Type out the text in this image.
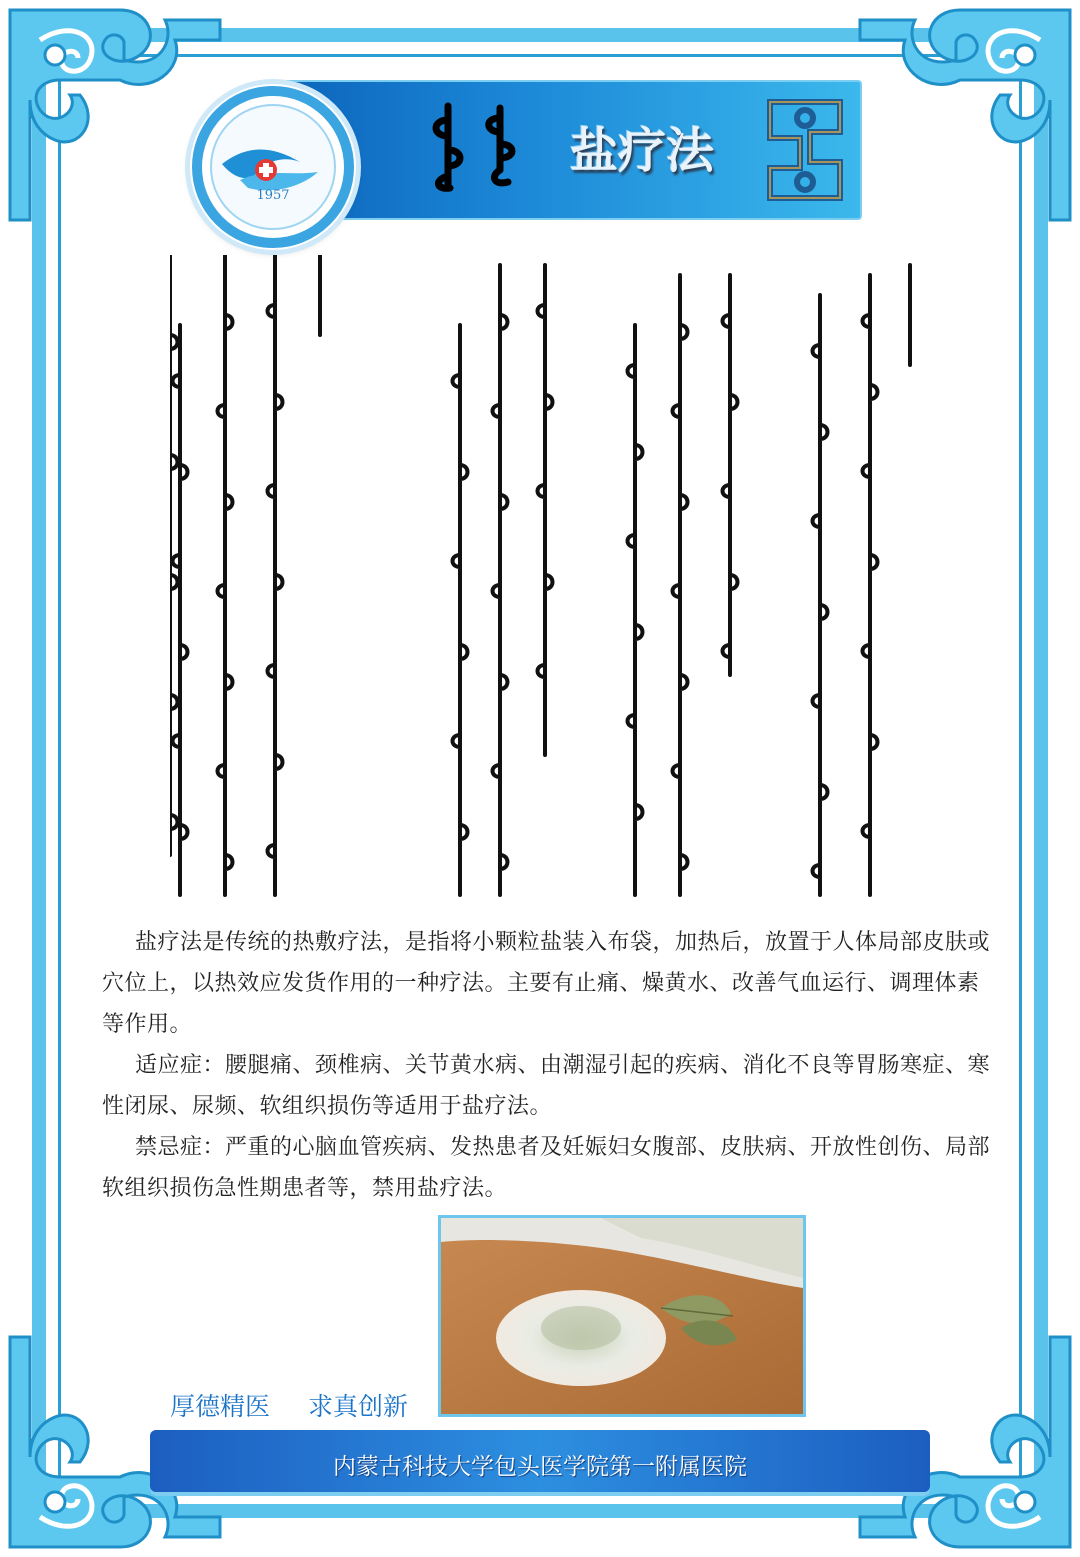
1957
盐疗法

盐疗法是传统的热敷疗法，是指将小颗粒盐装入布袋，加热后，放置于人体局部皮肤或穴位上，以热效应发货作用的一种疗法。主要有止痛、燥黄水、改善气血运行、调理体素等作用。

适应症：腰腿痛、颈椎病、关节黄水病、由潮湿引起的疾病、消化不良等胃肠寒症、寒性闭尿、尿频、软组织损伤等适用于盐疗法。

禁忌症：严重的心脑血管疾病、发热患者及妊娠妇女腹部、皮肤病、开放性创伤、局部软组织损伤急性期患者等，禁用盐疗法。

厚德精医 求真创新
内蒙古科技大学包头医学院第一附属医院
